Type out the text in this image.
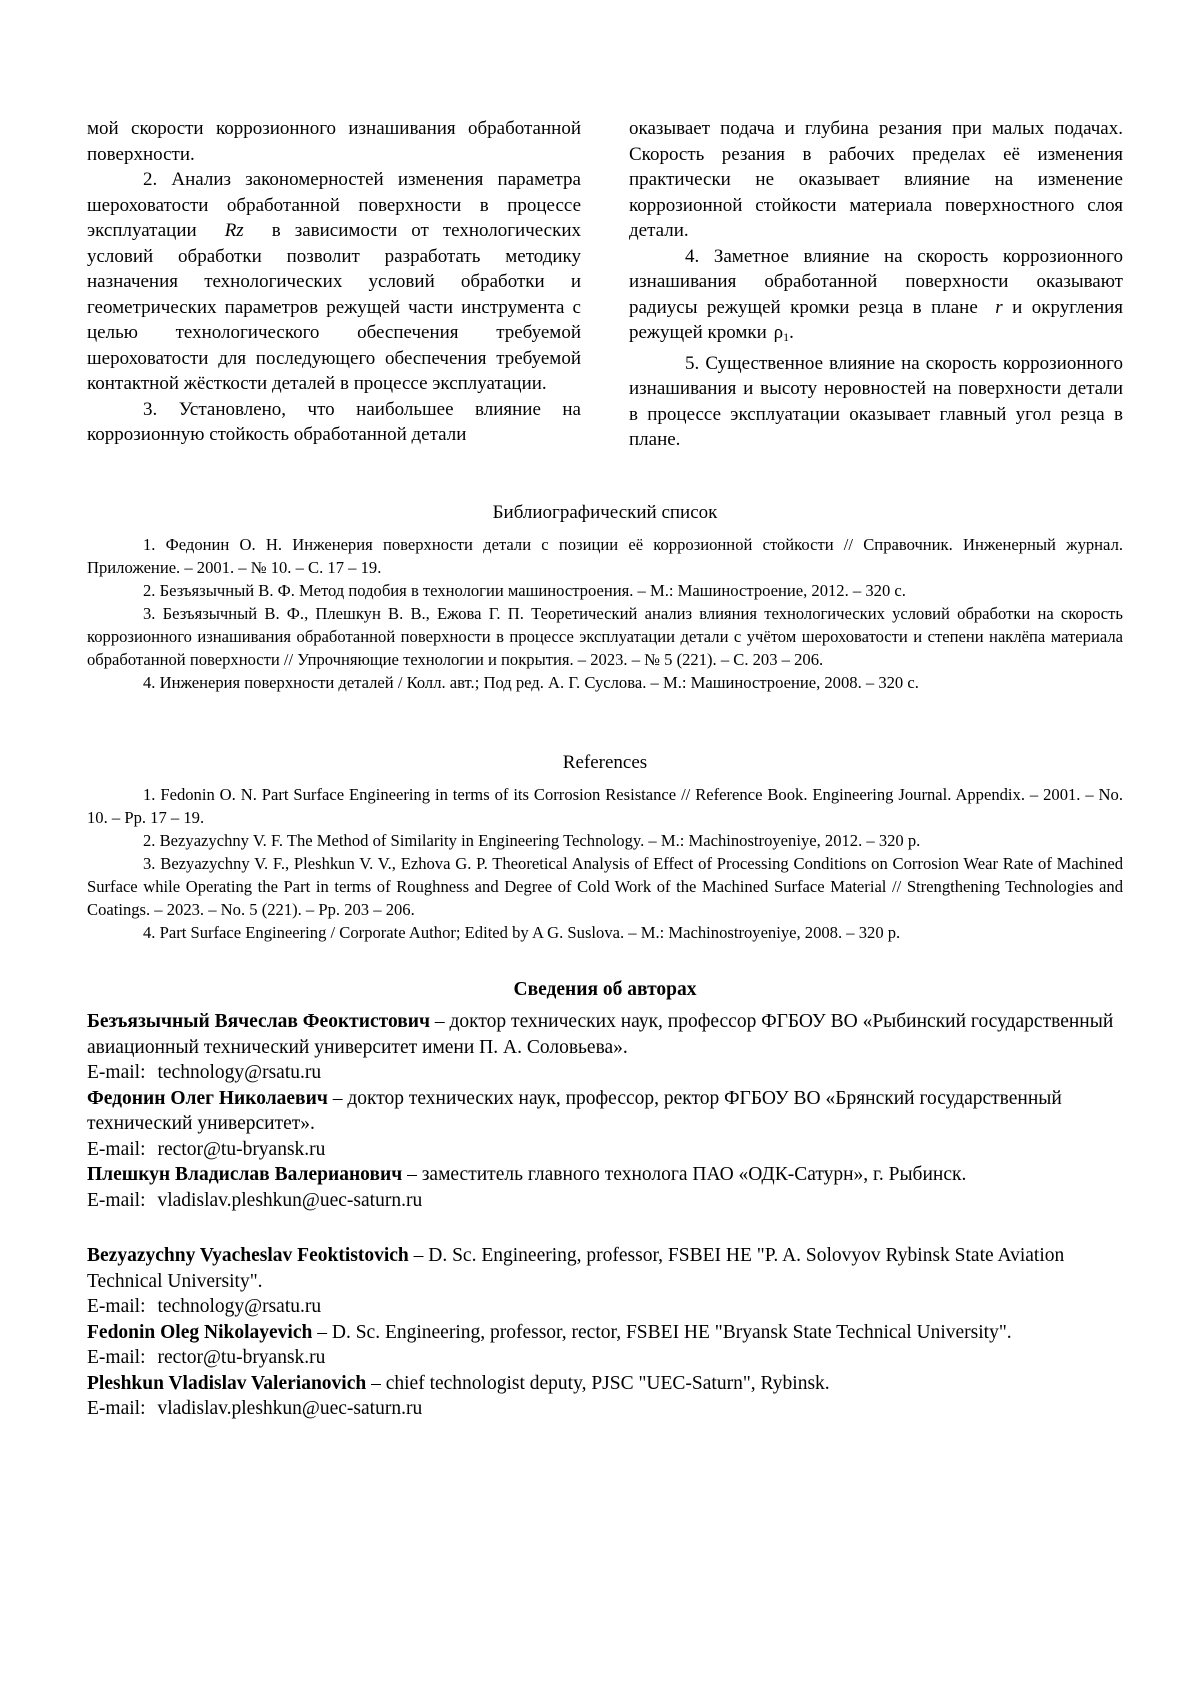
мой скорости коррозионного изнашивания обработанной поверхности.

2. Анализ закономерностей изменения параметра шероховатости обработанной поверхности в процессе эксплуатации Rz в зависимости от технологических условий обработки позволит разработать методику назначения технологических условий обработки и геометрических параметров режущей части инструмента с целью технологического обеспечения требуемой шероховатости для последующего обеспечения требуемой контактной жёсткости деталей в процессе эксплуатации.

3. Установлено, что наибольшее влияние на коррозионную стойкость обработанной детали

оказывает подача и глубина резания при малых подачах. Скорость резания в рабочих пределах её изменения практически не оказывает влияние на изменение коррозионной стойкости материала поверхностного слоя детали.

4. Заметное влияние на скорость коррозионного изнашивания обработанной поверхности оказывают радиусы режущей кромки резца в плане r и округления режущей кромки $\rho_1$.

5. Существенное влияние на скорость коррозионного изнашивания и высоту неровностей на поверхности детали в процессе эксплуатации оказывает главный угол резца в плане.

Библиографический список

1. Федонин О. Н. Инженерия поверхности детали с позиции её коррозионной стойкости // Справочник. Инженерный журнал. Приложение. – 2001. – № 10. – С. 17 – 19.

2. Безъязычный В. Ф. Метод подобия в технологии машиностроения. – М.: Машиностроение, 2012. – 320 с.

3. Безъязычный В. Ф., Плешкун В. В., Ежова Г. П. Теоретический анализ влияния технологических условий обработки на скорость коррозионного изнашивания обработанной поверхности в процессе эксплуатации детали с учётом шероховатости и степени наклёпа материала обработанной поверхности // Упрочняющие технологии и покрытия. – 2023. – № 5 (221). – С. 203 – 206.

4. Инженерия поверхности деталей / Колл. авт.; Под ред. А. Г. Суслова. – М.: Машиностроение, 2008. – 320 с.

References

1. Fedonin O. N. Part Surface Engineering in terms of its Corrosion Resistance // Reference Book. Engineering Journal. Appendix. – 2001. – No. 10. – Pp. 17 – 19.

2. Bezyazychny V. F. The Method of Similarity in Engineering Technology. – M.: Machinostroyeniye, 2012. – 320 p.

3. Bezyazychny V. F., Pleshkun V. V., Ezhova G. P. Theoretical Analysis of Effect of Processing Conditions on Corrosion Wear Rate of Machined Surface while Operating the Part in terms of Roughness and Degree of Cold Work of the Machined Surface Material // Strengthening Technologies and Coatings. – 2023. – No. 5 (221). – Pp. 203 – 206.

4. Part Surface Engineering / Corporate Author; Edited by A G. Suslova. – M.: Machinostroyeniye, 2008. – 320 p.

Сведения об авторах

Безъязычный Вячеслав Феоктистович – доктор технических наук, профессор ФГБОУ ВО «Рыбинский государственный авиационный технический университет имени П. А. Соловьева».

E-mail: technology@rsatu.ru

Федонин Олег Николаевич – доктор технических наук, профессор, ректор ФГБОУ ВО «Брянский государственный технический университет».

E-mail: rector@tu-bryansk.ru

Плешкун Владислав Валерианович – заместитель главного технолога ПАО «ОДК-Сатурн», г. Рыбинск.

E-mail: vladislav.pleshkun@uec-saturn.ru

Bezyazychny Vyacheslav Feoktistovich – D. Sc. Engineering, professor, FSBEI HE "P. A. Solovyov Rybinsk State Aviation Technical University".

E-mail: technology@rsatu.ru

Fedonin Oleg Nikolayevich – D. Sc. Engineering, professor, rector, FSBEI HE "Bryansk State Technical University".

E-mail: rector@tu-bryansk.ru

Pleshkun Vladislav Valerianovich – chief technologist deputy, PJSC "UEC-Saturn", Rybinsk.

E-mail: vladislav.pleshkun@uec-saturn.ru
